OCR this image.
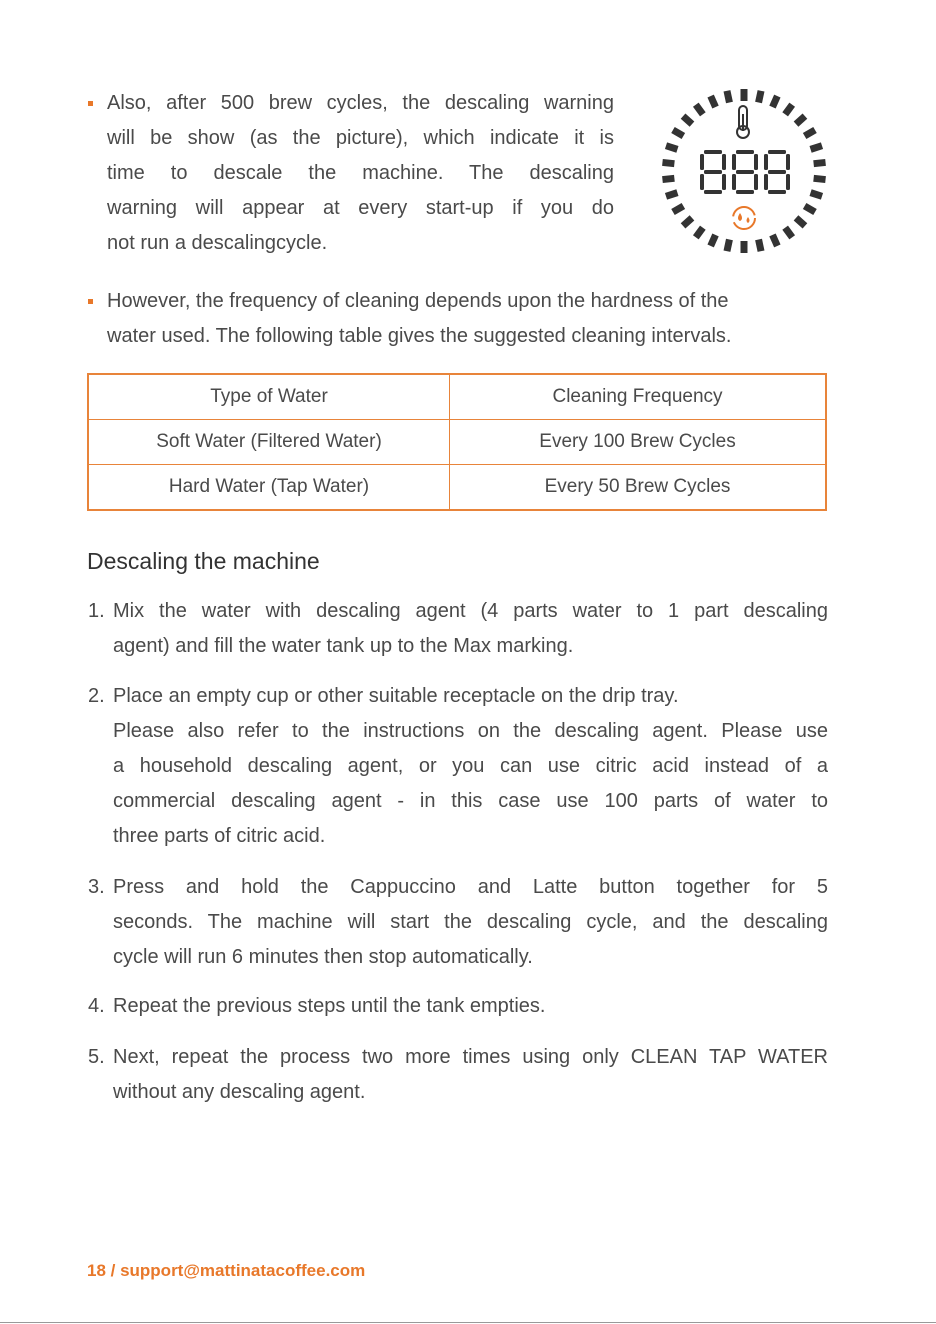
Also, after 500 brew cycles, the descaling warning
will be show (as the picture), which indicate it is
time to descale the machine. The descaling
warning will appear at every start-up if you do
not run a descalingcycle.
However, the frequency of cleaning depends upon the hardness of the
water used. The following table gives the suggested cleaning intervals.
Type of Water	Cleaning Frequency
Soft Water (Filtered Water)	Every 100 Brew Cycles
Hard Water (Tap Water)	Every 50 Brew Cycles
Descaling the machine
1. Mix the water with descaling agent (4 parts water to 1 part descaling
agent) and fill the water tank up to the Max marking.
2. Place an empty cup or other suitable receptacle on the drip tray.
Please also refer to the instructions on the descaling agent. Please use
a household descaling agent, or you can use citric acid instead of a
commercial descaling agent - in this case use 100 parts of water to
three parts of citric acid.
3. Press and hold the Cappuccino and Latte button together for 5
seconds. The machine will start the descaling cycle, and the descaling
cycle will run 6 minutes then stop automatically.
4. Repeat the previous steps until the tank empties.
5. Next, repeat the process two more times using only CLEAN TAP WATER
without any descaling agent.
18 / support@mattinatacoffee.com
